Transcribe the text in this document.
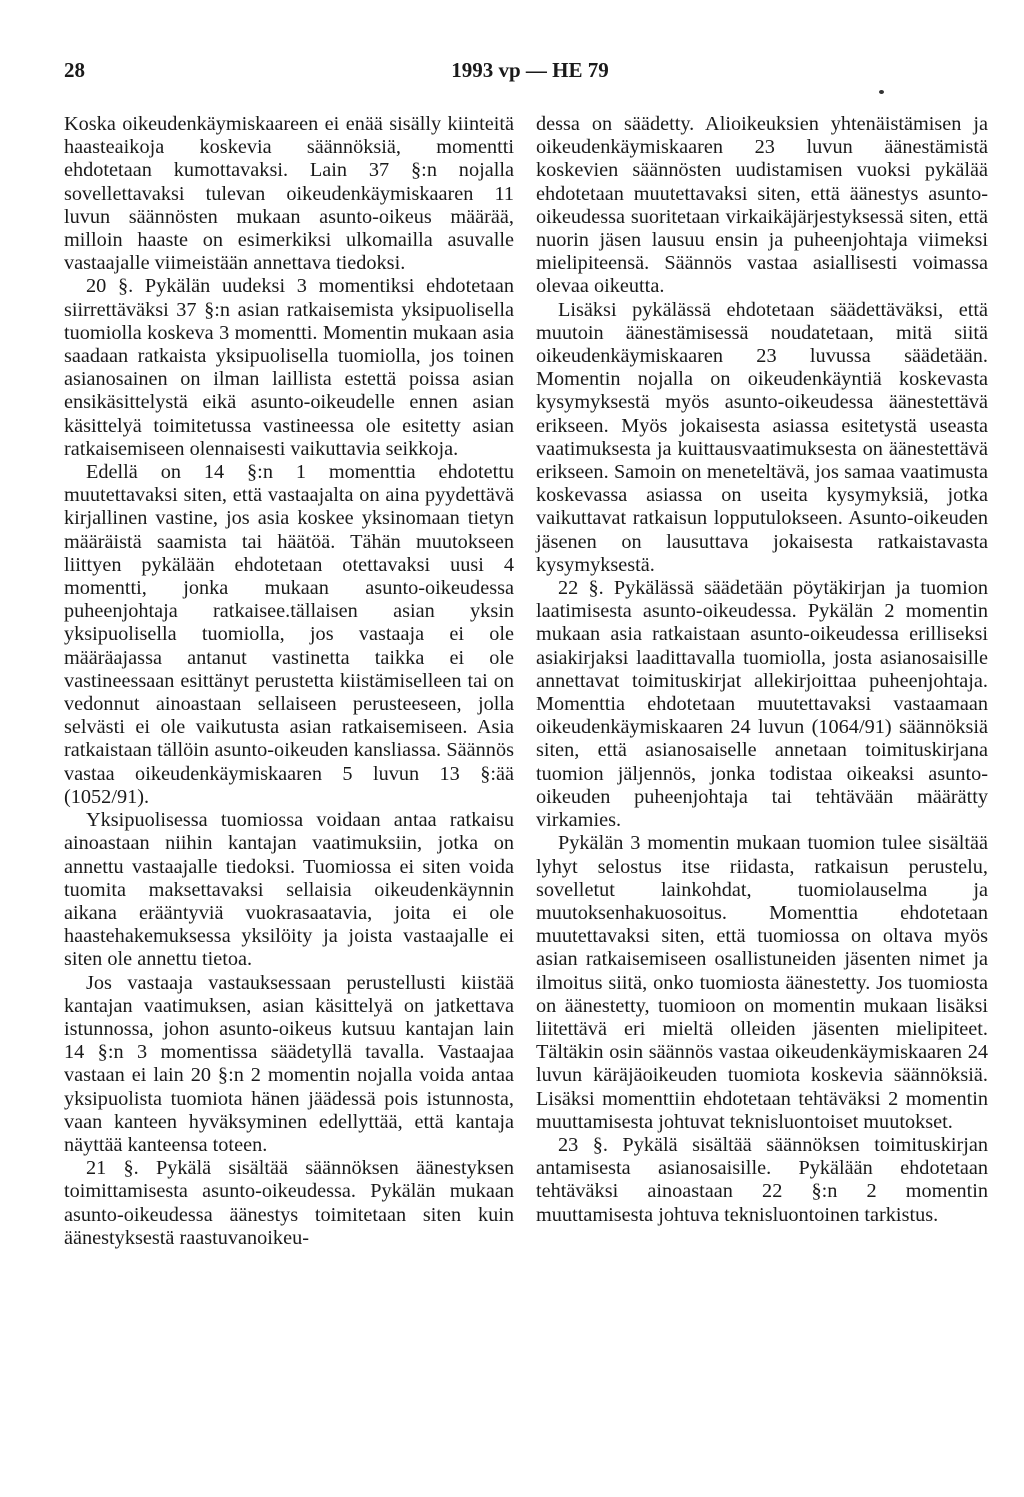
28	1993 vp — HE 79

Koska oikeudenkäymiskaareen ei enää sisälly kiinteitä haasteaikoja koskevia säännöksiä, momentti ehdotetaan kumottavaksi. Lain 37 §:n nojalla sovellettavaksi tulevan oikeudenkäymiskaaren 11 luvun säännösten mukaan asunto-oikeus määrää, milloin haaste on esimerkiksi ulkomailla asuvalle vastaajalle viimeistään annettava tiedoksi.

20 §. Pykälän uudeksi 3 momentiksi ehdotetaan siirrettäväksi 37 §:n asian ratkaisemista yksipuolisella tuomiolla koskeva 3 momentti. Momentin mukaan asia saadaan ratkaista yksipuolisella tuomiolla, jos toinen asianosainen on ilman laillista estettä poissa asian ensikäsittelystä eikä asunto-oikeudelle ennen asian käsittelyä toimitetussa vastineessa ole esitetty asian ratkaisemiseen olennaisesti vaikuttavia seikkoja.

Edellä on 14 §:n 1 momenttia ehdotettu muutettavaksi siten, että vastaajalta on aina pyydettävä kirjallinen vastine, jos asia koskee yksinomaan tietyn määräistä saamista tai häätöä. Tähän muutokseen liittyen pykälään ehdotetaan otettavaksi uusi 4 momentti, jonka mukaan asunto-oikeudessa puheenjohtaja ratkaisee.tällaisen asian yksin yksipuolisella tuomiolla, jos vastaaja ei ole määräajassa antanut vastinetta taikka ei ole vastineessaan esittänyt perustetta kiistämiselleen tai on vedonnut ainoastaan sellaiseen perusteeseen, jolla selvästi ei ole vaikutusta asian ratkaisemiseen. Asia ratkaistaan tällöin asunto-oikeuden kansliassa. Säännös vastaa oikeudenkäymiskaaren 5 luvun 13 §:ää (1052/91).

Yksipuolisessa tuomiossa voidaan antaa ratkaisu ainoastaan niihin kantajan vaatimuksiin, jotka on annettu vastaajalle tiedoksi. Tuomiossa ei siten voida tuomita maksettavaksi sellaisia oikeudenkäynnin aikana erääntyviä vuokrasaatavia, joita ei ole haastehakemuksessa yksilöity ja joista vastaajalle ei siten ole annettu tietoa.

Jos vastaaja vastauksessaan perustellusti kiistää kantajan vaatimuksen, asian käsittelyä on jatkettava istunnossa, johon asunto-oikeus kutsuu kantajan lain 14 §:n 3 momentissa säädetyllä tavalla. Vastaajaa vastaan ei lain 20 §:n 2 momentin nojalla voida antaa yksipuolista tuomiota hänen jäädessä pois istunnosta, vaan kanteen hyväksyminen edellyttää, että kantaja näyttää kanteensa toteen.

21 §. Pykälä sisältää säännöksen äänestyksen toimittamisesta asunto-oikeudessa. Pykälän mukaan asunto-oikeudessa äänestys toimitetaan siten kuin äänestyksestä raastuvanoikeu-

dessa on säädetty. Alioikeuksien yhtenäistämisen ja oikeudenkäymiskaaren 23 luvun äänestämistä koskevien säännösten uudistamisen vuoksi pykälää ehdotetaan muutettavaksi siten, että äänestys asunto-oikeudessa suoritetaan virkaikäjärjestyksessä siten, että nuorin jäsen lausuu ensin ja puheenjohtaja viimeksi mielipiteensä. Säännös vastaa asiallisesti voimassa olevaa oikeutta.

Lisäksi pykälässä ehdotetaan säädettäväksi, että muutoin äänestämisessä noudatetaan, mitä siitä oikeudenkäymiskaaren 23 luvussa säädetään. Momentin nojalla on oikeudenkäyntiä koskevasta kysymyksestä myös asunto-oikeudessa äänestettävä erikseen. Myös jokaisesta asiassa esitetystä useasta vaatimuksesta ja kuittausvaatimuksesta on äänestettävä erikseen. Samoin on meneteltävä, jos samaa vaatimusta koskevassa asiassa on useita kysymyksiä, jotka vaikuttavat ratkaisun lopputulokseen. Asunto-oikeuden jäsenen on lausuttava jokaisesta ratkaistavasta kysymyksestä.

22 §. Pykälässä säädetään pöytäkirjan ja tuomion laatimisesta asunto-oikeudessa. Pykälän 2 momentin mukaan asia ratkaistaan asunto-oikeudessa erilliseksi asiakirjaksi laadittavalla tuomiolla, josta asianosaisille annettavat toimituskirjat allekirjoittaa puheenjohtaja. Momenttia ehdotetaan muutettavaksi vastaamaan oikeudenkäymiskaaren 24 luvun (1064/91) säännöksiä siten, että asianosaiselle annetaan toimituskirjana tuomion jäljennös, jonka todistaa oikeaksi asunto-oikeuden puheenjohtaja tai tehtävään määrätty virkamies.

Pykälän 3 momentin mukaan tuomion tulee sisältää lyhyt selostus itse riidasta, ratkaisun perustelu, sovelletut lainkohdat, tuomiolauselma ja muutoksenhakuosoitus. Momenttia ehdotetaan muutettavaksi siten, että tuomiossa on oltava myös asian ratkaisemiseen osallistuneiden jäsenten nimet ja ilmoitus siitä, onko tuomiosta äänestetty. Jos tuomiosta on äänestetty, tuomioon on momentin mukaan lisäksi liitettävä eri mieltä olleiden jäsenten mielipiteet. Tältäkin osin säännös vastaa oikeudenkäymiskaaren 24 luvun käräjäoikeuden tuomiota koskevia säännöksiä. Lisäksi momenttiin ehdotetaan tehtäväksi 2 momentin muuttamisesta johtuvat teknisluontoiset muutokset.

23 §. Pykälä sisältää säännöksen toimituskirjan antamisesta asianosaisille. Pykälään ehdotetaan tehtäväksi ainoastaan 22 §:n 2 momentin muuttamisesta johtuva teknisluontoinen tarkistus.
